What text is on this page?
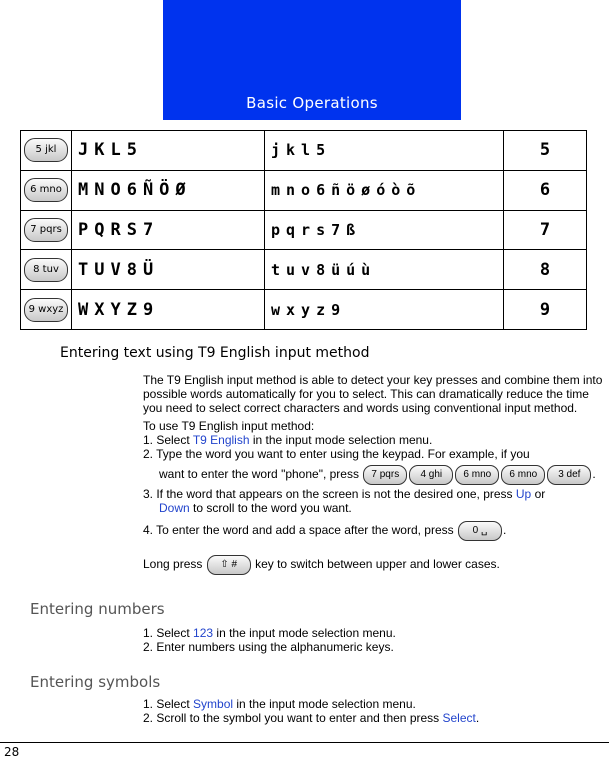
Basic Operations
5 jkl	JKL5	jkl5	5
6 mno	MNO6ÑÖØ	mno6ñöøóòõ	6
7 pqrs	PQRS7	pqrs7ß	7
8 tuv	TUV8Ü	tuv8üúù	8
9 wxyz	WXYZ9	wxyz9	9
Entering text using T9 English input method

The T9 English input method is able to detect your key presses and combine them into possible words automatically for you to select. This can dramatically reduce the time you need to select correct characters and words using conventional input method.

To use T9 English input method:

1. Select T9 English in the input mode selection menu.

2. Type the word you want to enter using the keypad. For example, if you

want to enter the word "phone", press 7 pqrs 4 ghi 6 mno 6 mno 3 def .

3. If the word that appears on the screen is not the desired one, press Up or

Down to scroll to the word you want.

4. To enter the word and add a space after the word, press 0 ␣ .

Long press ⇧ # key to switch between upper and lower cases.

Entering numbers

1. Select 123 in the input mode selection menu.

2. Enter numbers using the alphanumeric keys.

Entering symbols

1. Select Symbol in the input mode selection menu.

2. Scroll to the symbol you want to enter and then press Select.

28
